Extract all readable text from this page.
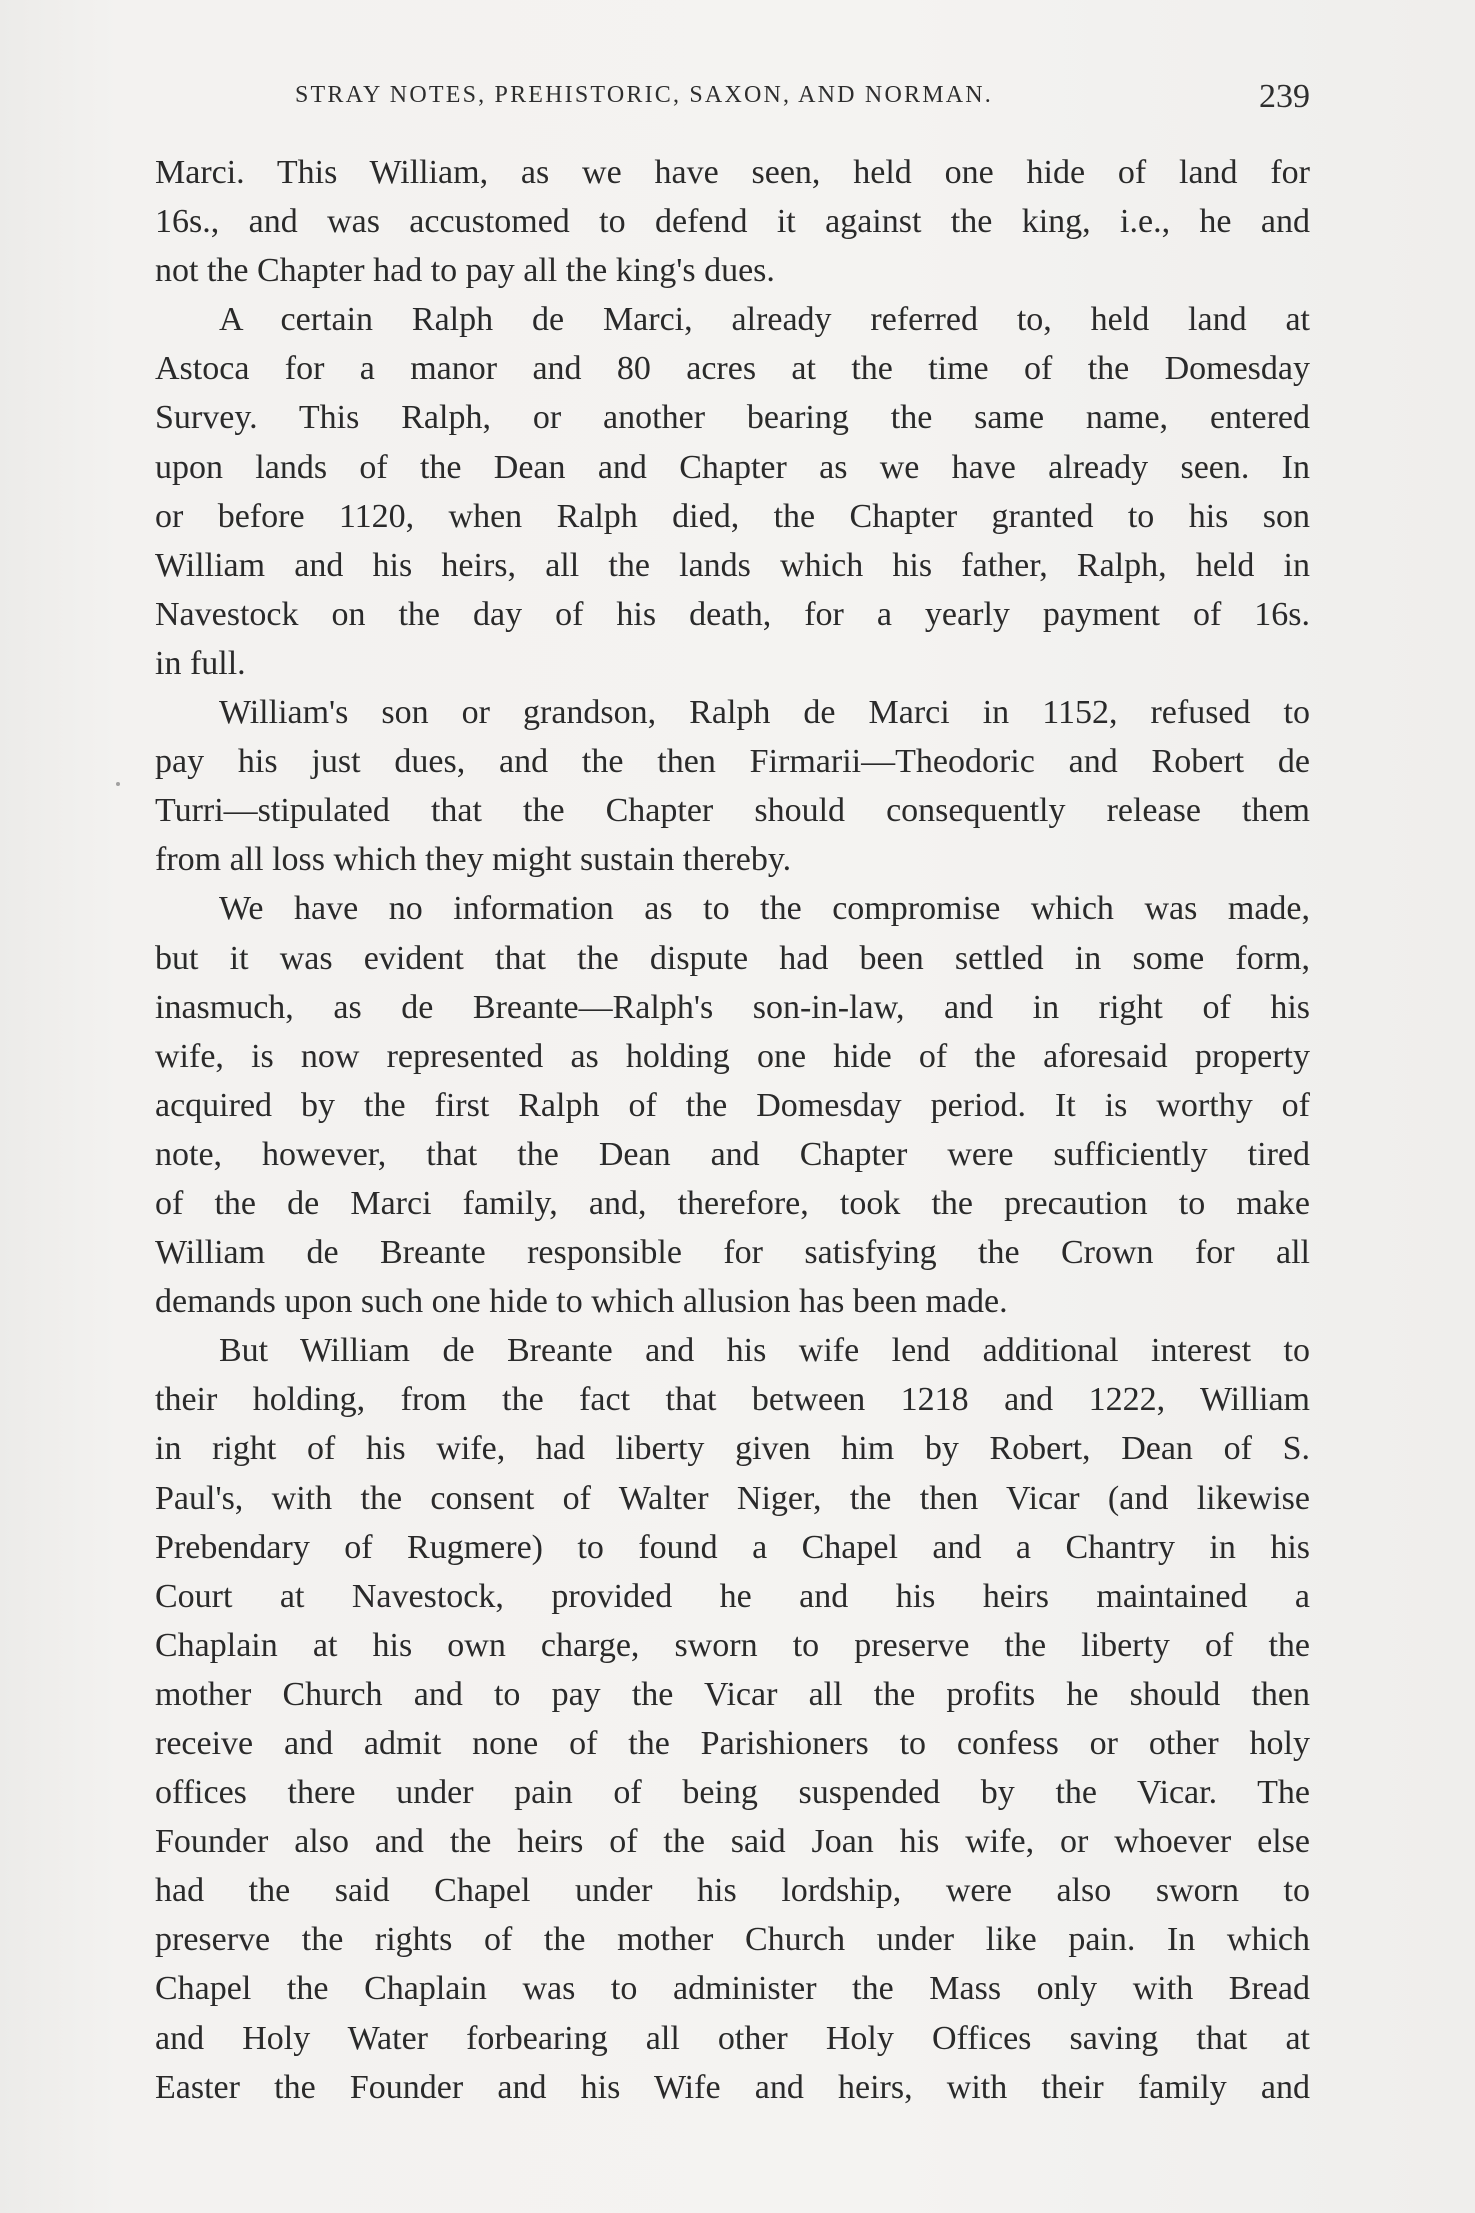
STRAY NOTES, PREHISTORIC, SAXON, AND NORMAN.	239
Marci. This William, as we have seen, held one hide of land for
16s., and was accustomed to defend it against the king, i.e., he and
not the Chapter had to pay all the king's dues.
A certain Ralph de Marci, already referred to, held land at
Astoca for a manor and 80 acres at the time of the Domesday
Survey. This Ralph, or another bearing the same name, entered
upon lands of the Dean and Chapter as we have already seen. In
or before 1120, when Ralph died, the Chapter granted to his son
William and his heirs, all the lands which his father, Ralph, held in
Navestock on the day of his death, for a yearly payment of 16s.
in full.
William's son or grandson, Ralph de Marci in 1152, refused to
pay his just dues, and the then Firmarii—Theodoric and Robert de
Turri—stipulated that the Chapter should consequently release them
from all loss which they might sustain thereby.
We have no information as to the compromise which was made,
but it was evident that the dispute had been settled in some form,
inasmuch, as de Breante—Ralph's son-in-law, and in right of his
wife, is now represented as holding one hide of the aforesaid property
acquired by the first Ralph of the Domesday period. It is worthy of
note, however, that the Dean and Chapter were sufficiently tired
of the de Marci family, and, therefore, took the precaution to make
William de Breante responsible for satisfying the Crown for all
demands upon such one hide to which allusion has been made.
But William de Breante and his wife lend additional interest to
their holding, from the fact that between 1218 and 1222, William
in right of his wife, had liberty given him by Robert, Dean of S.
Paul's, with the consent of Walter Niger, the then Vicar (and likewise
Prebendary of Rugmere) to found a Chapel and a Chantry in his
Court at Navestock, provided he and his heirs maintained a
Chaplain at his own charge, sworn to preserve the liberty of the
mother Church and to pay the Vicar all the profits he should then
receive and admit none of the Parishioners to confess or other holy
offices there under pain of being suspended by the Vicar. The
Founder also and the heirs of the said Joan his wife, or whoever else
had the said Chapel under his lordship, were also sworn to
preserve the rights of the mother Church under like pain. In which
Chapel the Chaplain was to administer the Mass only with Bread
and Holy Water forbearing all other Holy Offices saving that at
Easter the Founder and his Wife and heirs, with their family and
